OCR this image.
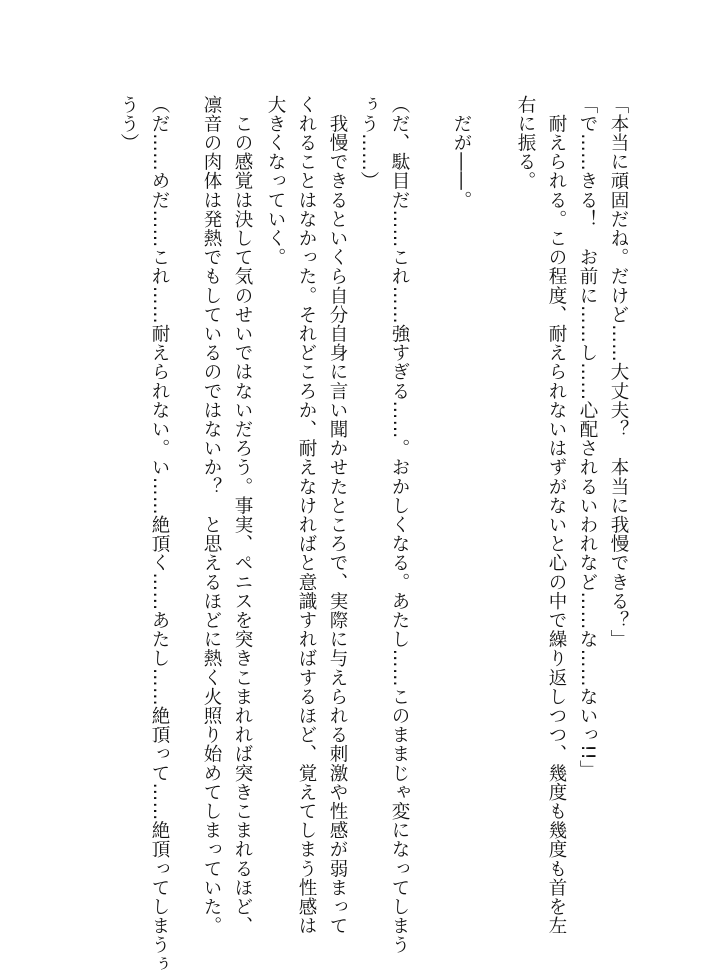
「本当に頑固だね。だけど……大丈夫？　本当に我慢できる？」
「で……きる！　お前に……し……心配されるいわれなど……な……ないっ!!」
　耐えられる。この程度、耐えられないはずがないと心の中で繰り返しつつ、幾度も幾度も首を左
右に振る。
　だが――。
（だ、駄目だ……これ……強すぎる……。おかしくなる。あたし……このままじゃ変になってしまう
ぅう……）
　我慢できるといくら自分自身に言い聞かせたところで、実際に与えられる刺激や性感が弱まって
くれることはなかった。それどころか、耐えなければと意識すればするほど、覚えてしまう性感は
大きくなっていく。
　この感覚は決して気のせいではないだろう。事実、ペニスを突きこまれれば突きこまれるほど、
凛音の肉体は発熱でもしているのではないか？　と思えるほどに熱く火照り始めてしまっていた。
（だ……めだ……これ……耐えられない。い……絶頂く……あたし……絶頂って……絶頂ってしまうぅ
うう）
